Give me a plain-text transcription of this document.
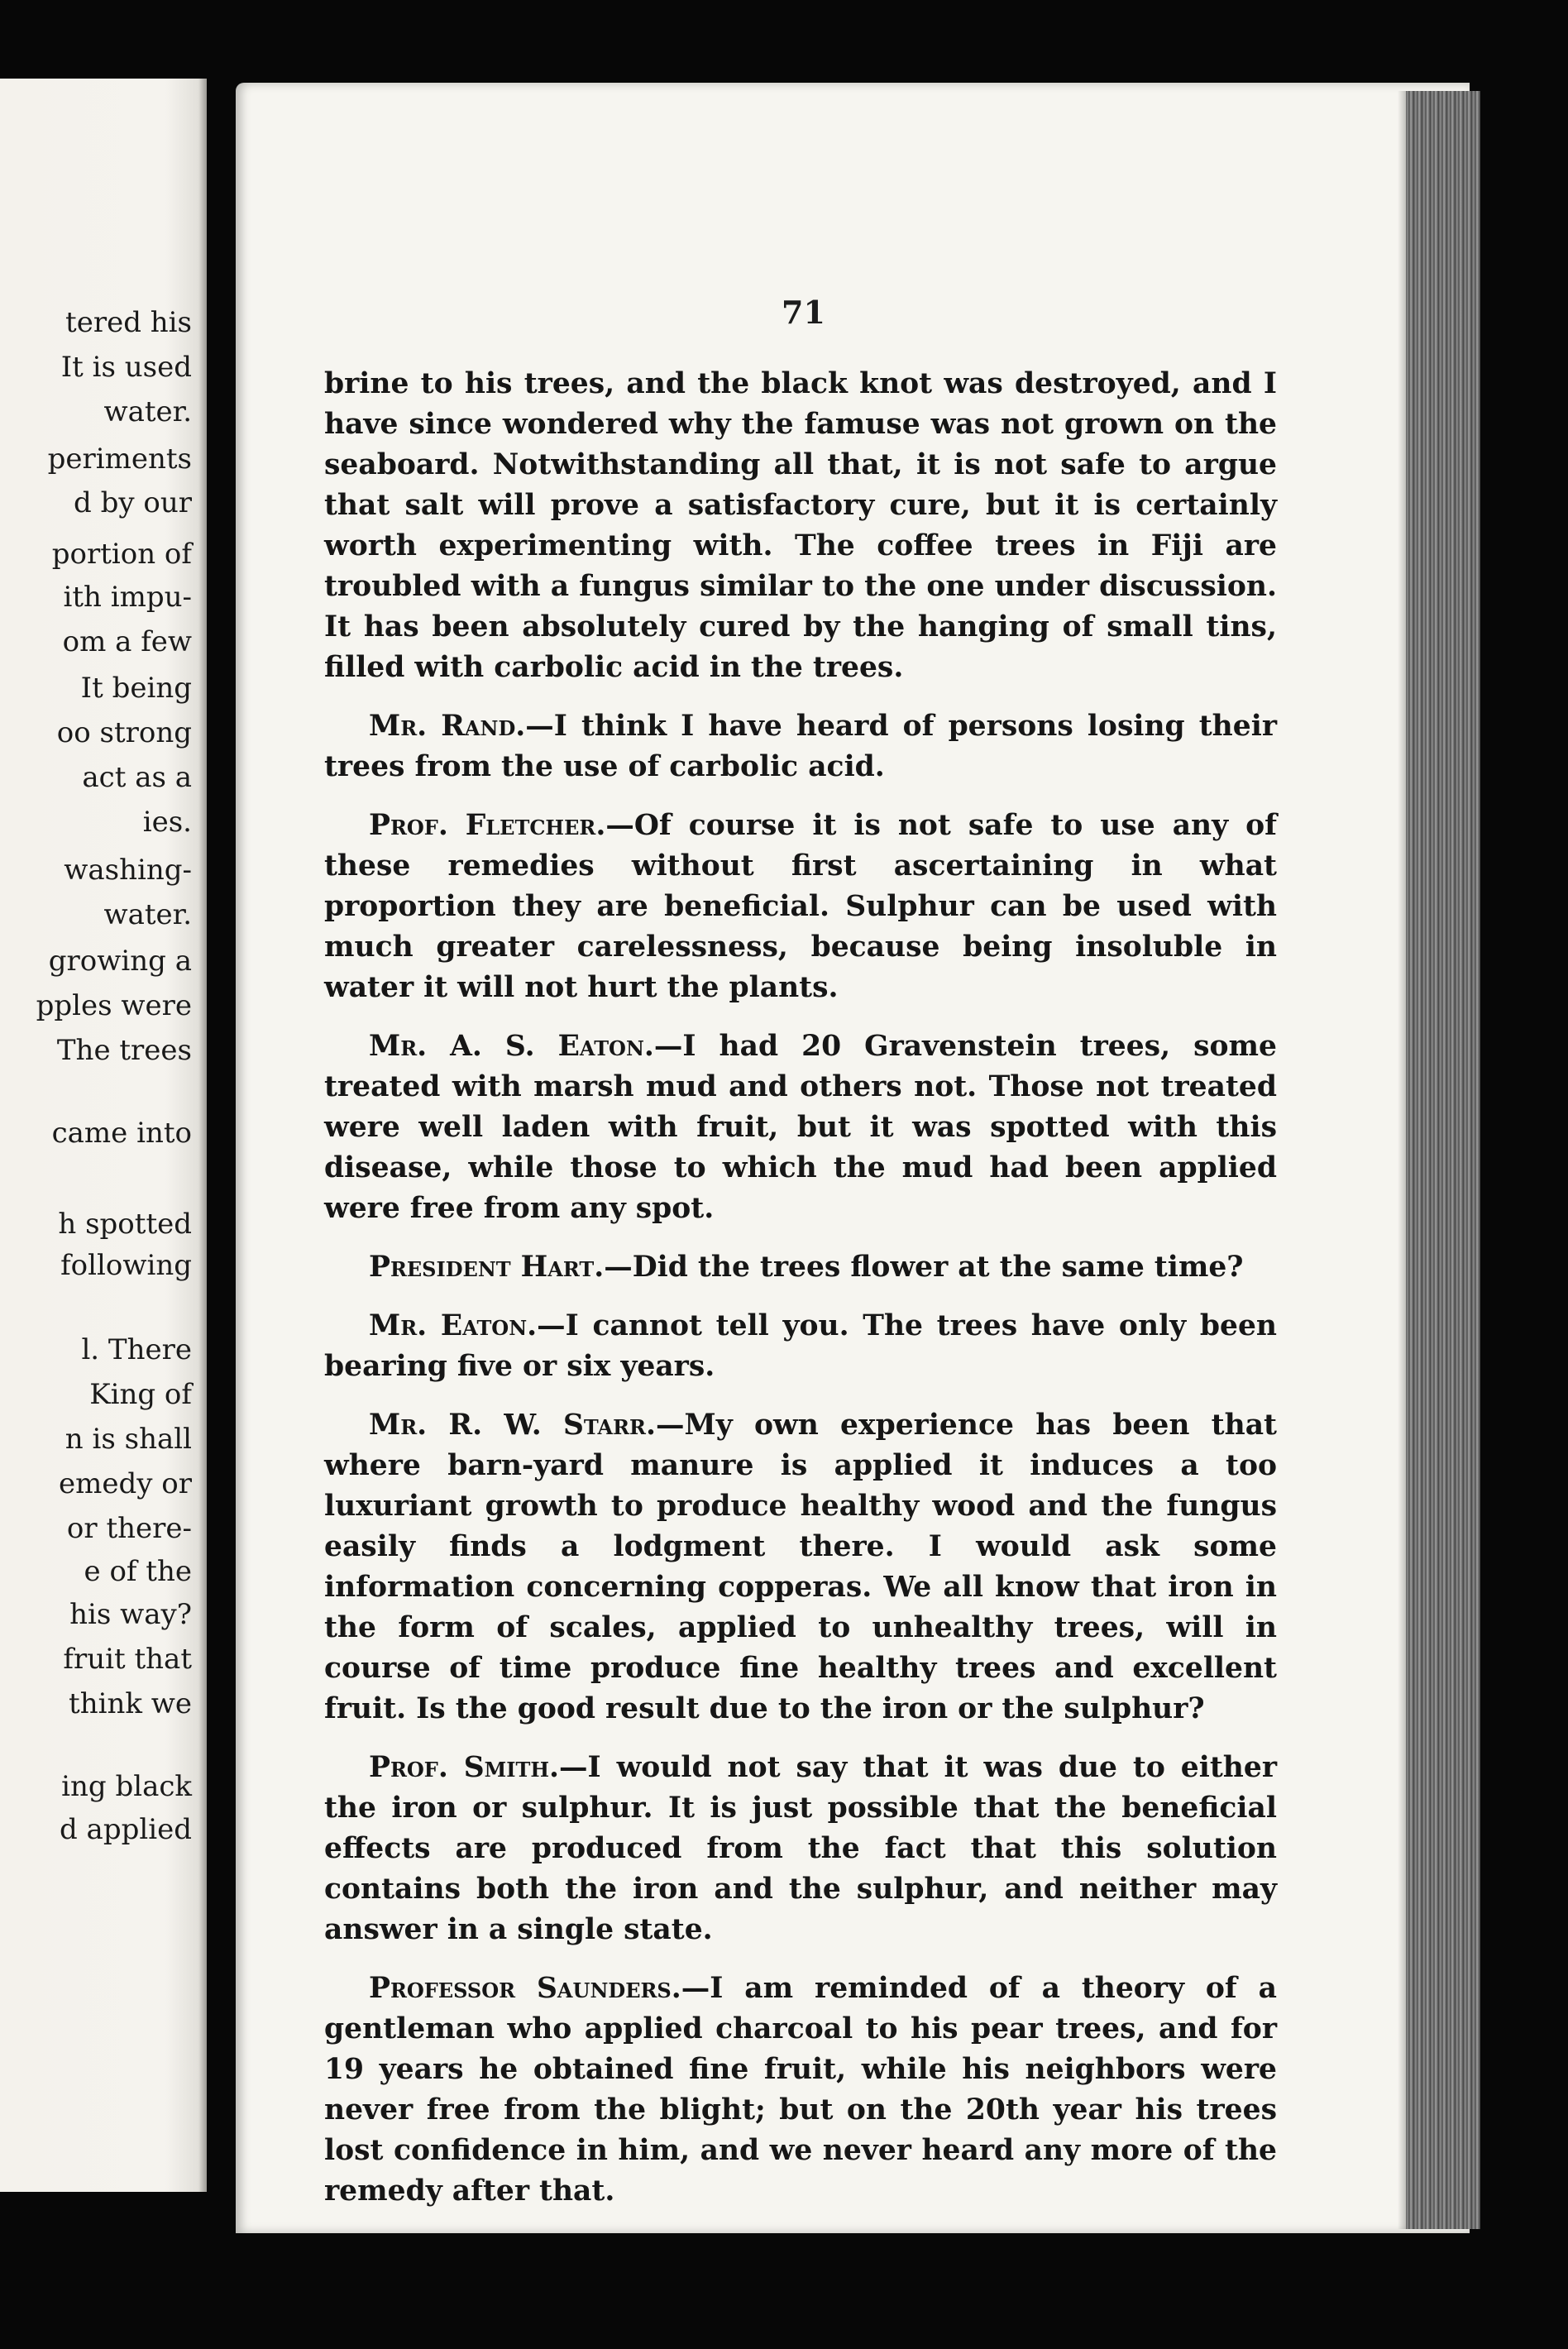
tered his
It is used
water.
periments
d by our
portion of
ith impu-
om a few
It being
oo strong
act as a
ies.
washing-
water.
growing a
pples were
The trees
came into
h spotted
following
l. There
King of
n is shall
emedy or
or there-
e of the
his way?
fruit that
think we
ing black
d applied
71

brine to his trees, and the black knot was destroyed, and I have since wondered why the famuse was not grown on the seaboard. Notwithstanding all that, it is not safe to argue that salt will prove a satisfactory cure, but it is certainly worth experimenting with. The coffee trees in Fiji are troubled with a fungus similar to the one under discussion. It has been absolutely cured by the hanging of small tins, filled with carbolic acid in the trees.

Mr. Rand.—I think I have heard of persons losing their trees from the use of carbolic acid.

Prof. Fletcher.—Of course it is not safe to use any of these remedies without first ascertaining in what proportion they are beneficial. Sulphur can be used with much greater carelessness, because being insoluble in water it will not hurt the plants.

Mr. A. S. Eaton.—I had 20 Gravenstein trees, some treated with marsh mud and others not. Those not treated were well laden with fruit, but it was spotted with this disease, while those to which the mud had been applied were free from any spot.

President Hart.—Did the trees flower at the same time?

Mr. Eaton.—I cannot tell you. The trees have only been bearing five or six years.

Mr. R. W. Starr.—My own experience has been that where barn-yard manure is applied it induces a too luxuriant growth to produce healthy wood and the fungus easily finds a lodgment there. I would ask some information concerning copperas. We all know that iron in the form of scales, applied to unhealthy trees, will in course of time produce fine healthy trees and excellent fruit. Is the good result due to the iron or the sulphur?

Prof. Smith.—I would not say that it was due to either the iron or sulphur. It is just possible that the beneficial effects are produced from the fact that this solution contains both the iron and the sulphur, and neither may answer in a single state.

Professor Saunders.—I am reminded of a theory of a gentleman who applied charcoal to his pear trees, and for 19 years he obtained fine fruit, while his neighbors were never free from the blight; but on the 20th year his trees lost confidence in him, and we never heard any more of the remedy after that.
